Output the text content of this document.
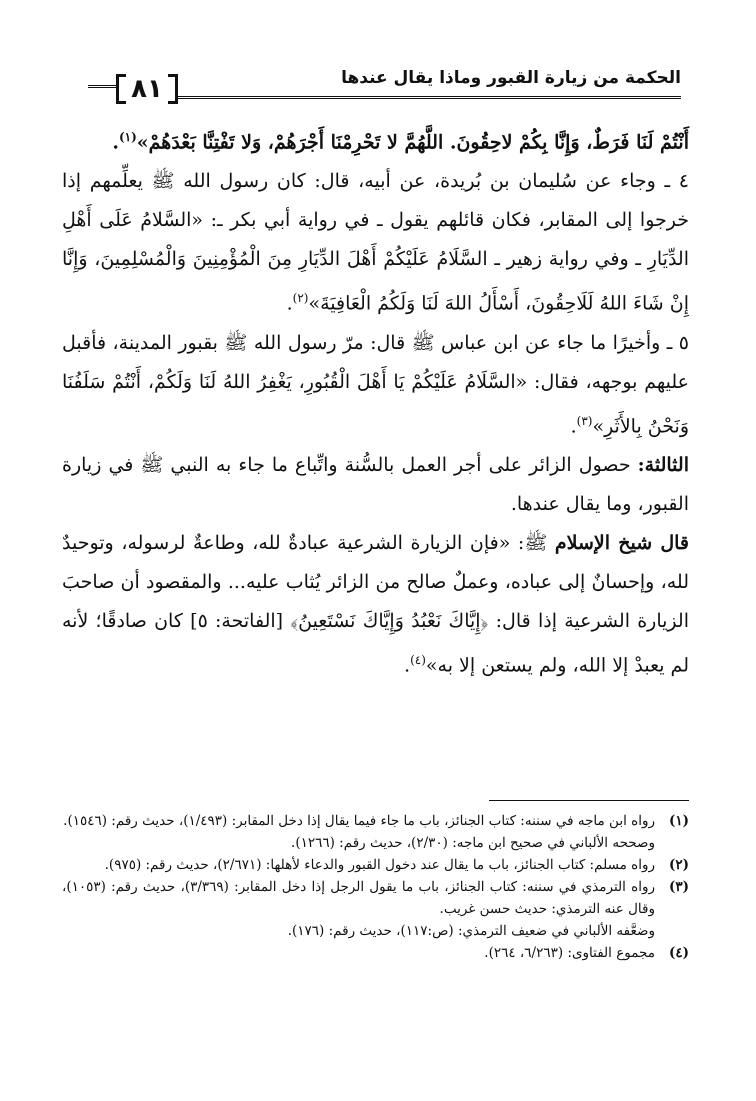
٨١	الحكمة من زيارة القبور وماذا يقال عندها

أَنْتُمْ لَنَا فَرَطٌ، وَإِنَّا بِكُمْ لاحِقُونَ. اللَّهُمَّ لا تَحْرِمْنَا أَجْرَهُمْ، وَلا تَفْتِنَّا بَعْدَهُمْ»$^{(١)}$.

٤ ـ وجاء عن سُليمان بن بُريدة، عن أبيه، قال: كان رسول الله ﷺ يعلِّمهم إذا خرجوا إلى المقابر، فكان قائلهم يقول ـ في رواية أبي بكر ـ: «السَّلامُ عَلَى أَهْلِ الدِّيَارِ ـ وفي رواية زهير ـ السَّلَامُ عَلَيْكُمْ أَهْلَ الدِّيَارِ مِنَ الْمُؤْمِنِينَ وَالْمُسْلِمِينَ، وَإِنَّا إِنْ شَاءَ اللهُ لَلَاحِقُونَ، أَسْأَلُ اللهَ لَنَا وَلَكُمُ الْعَافِيَةَ»$^{(٢)}$.

٥ ـ وأخيرًا ما جاء عن ابن عباس ﷺ قال: مرّ رسول الله ﷺ بقبور المدينة، فأقبل عليهم بوجهه، فقال: «السَّلَامُ عَلَيْكُمْ يَا أَهْلَ الْقُبُورِ، يَغْفِرُ اللهُ لَنَا وَلَكُمْ، أَنْتُمْ سَلَفُنَا وَنَحْنُ بِالأَثَرِ»$^{(٣)}$.

الثالثة: حصول الزائر على أجر العمل بالسُّنة واتِّباع ما جاء به النبي ﷺ في زيارة القبور، وما يقال عندها.

قال شيخ الإسلام ﷺ: «فإن الزيارة الشرعية عبادةٌ لله، وطاعةٌ لرسوله، وتوحيدٌ لله، وإحسانٌ إلى عباده، وعملٌ صالح من الزائر يُثاب عليه... والمقصود أن صاحبَ الزيارة الشرعية إذا قال: ﴿إِيَّاكَ نَعْبُدُ وَإِيَّاكَ نَسْتَعِينُ﴾ [الفاتحة: ٥] كان صادقًا؛ لأنه لم يعبدْ إلا الله، ولم يستعن إلا به»$^{(٤)}$.

(١)
رواه ابن ماجه في سننه: كتاب الجنائز، باب ما جاء فيما يقال إذا دخل المقابر: (١/٤٩٣)، حديث رقم: (١٥٤٦).
وصححه الألباني في صحيح ابن ماجه: (٢/٣٠)، حديث رقم: (١٢٦٦).
(٢)
رواه مسلم: كتاب الجنائز، باب ما يقال عند دخول القبور والدعاء لأهلها: (٢/٦٧١)، حديث رقم: (٩٧٥).
(٣)
رواه الترمذي في سننه: كتاب الجنائز، باب ما يقول الرجل إذا دخل المقابر: (٣/٣٦٩)، حديث رقم: (١٠٥٣)، وقال عنه الترمذي: حديث حسن غريب.
وضعَّفه الألباني في ضعيف الترمذي: (ص:١١٧)، حديث رقم: (١٧٦).
(٤)
مجموع الفتاوى: (٦/٢٦٣، ٢٦٤).
